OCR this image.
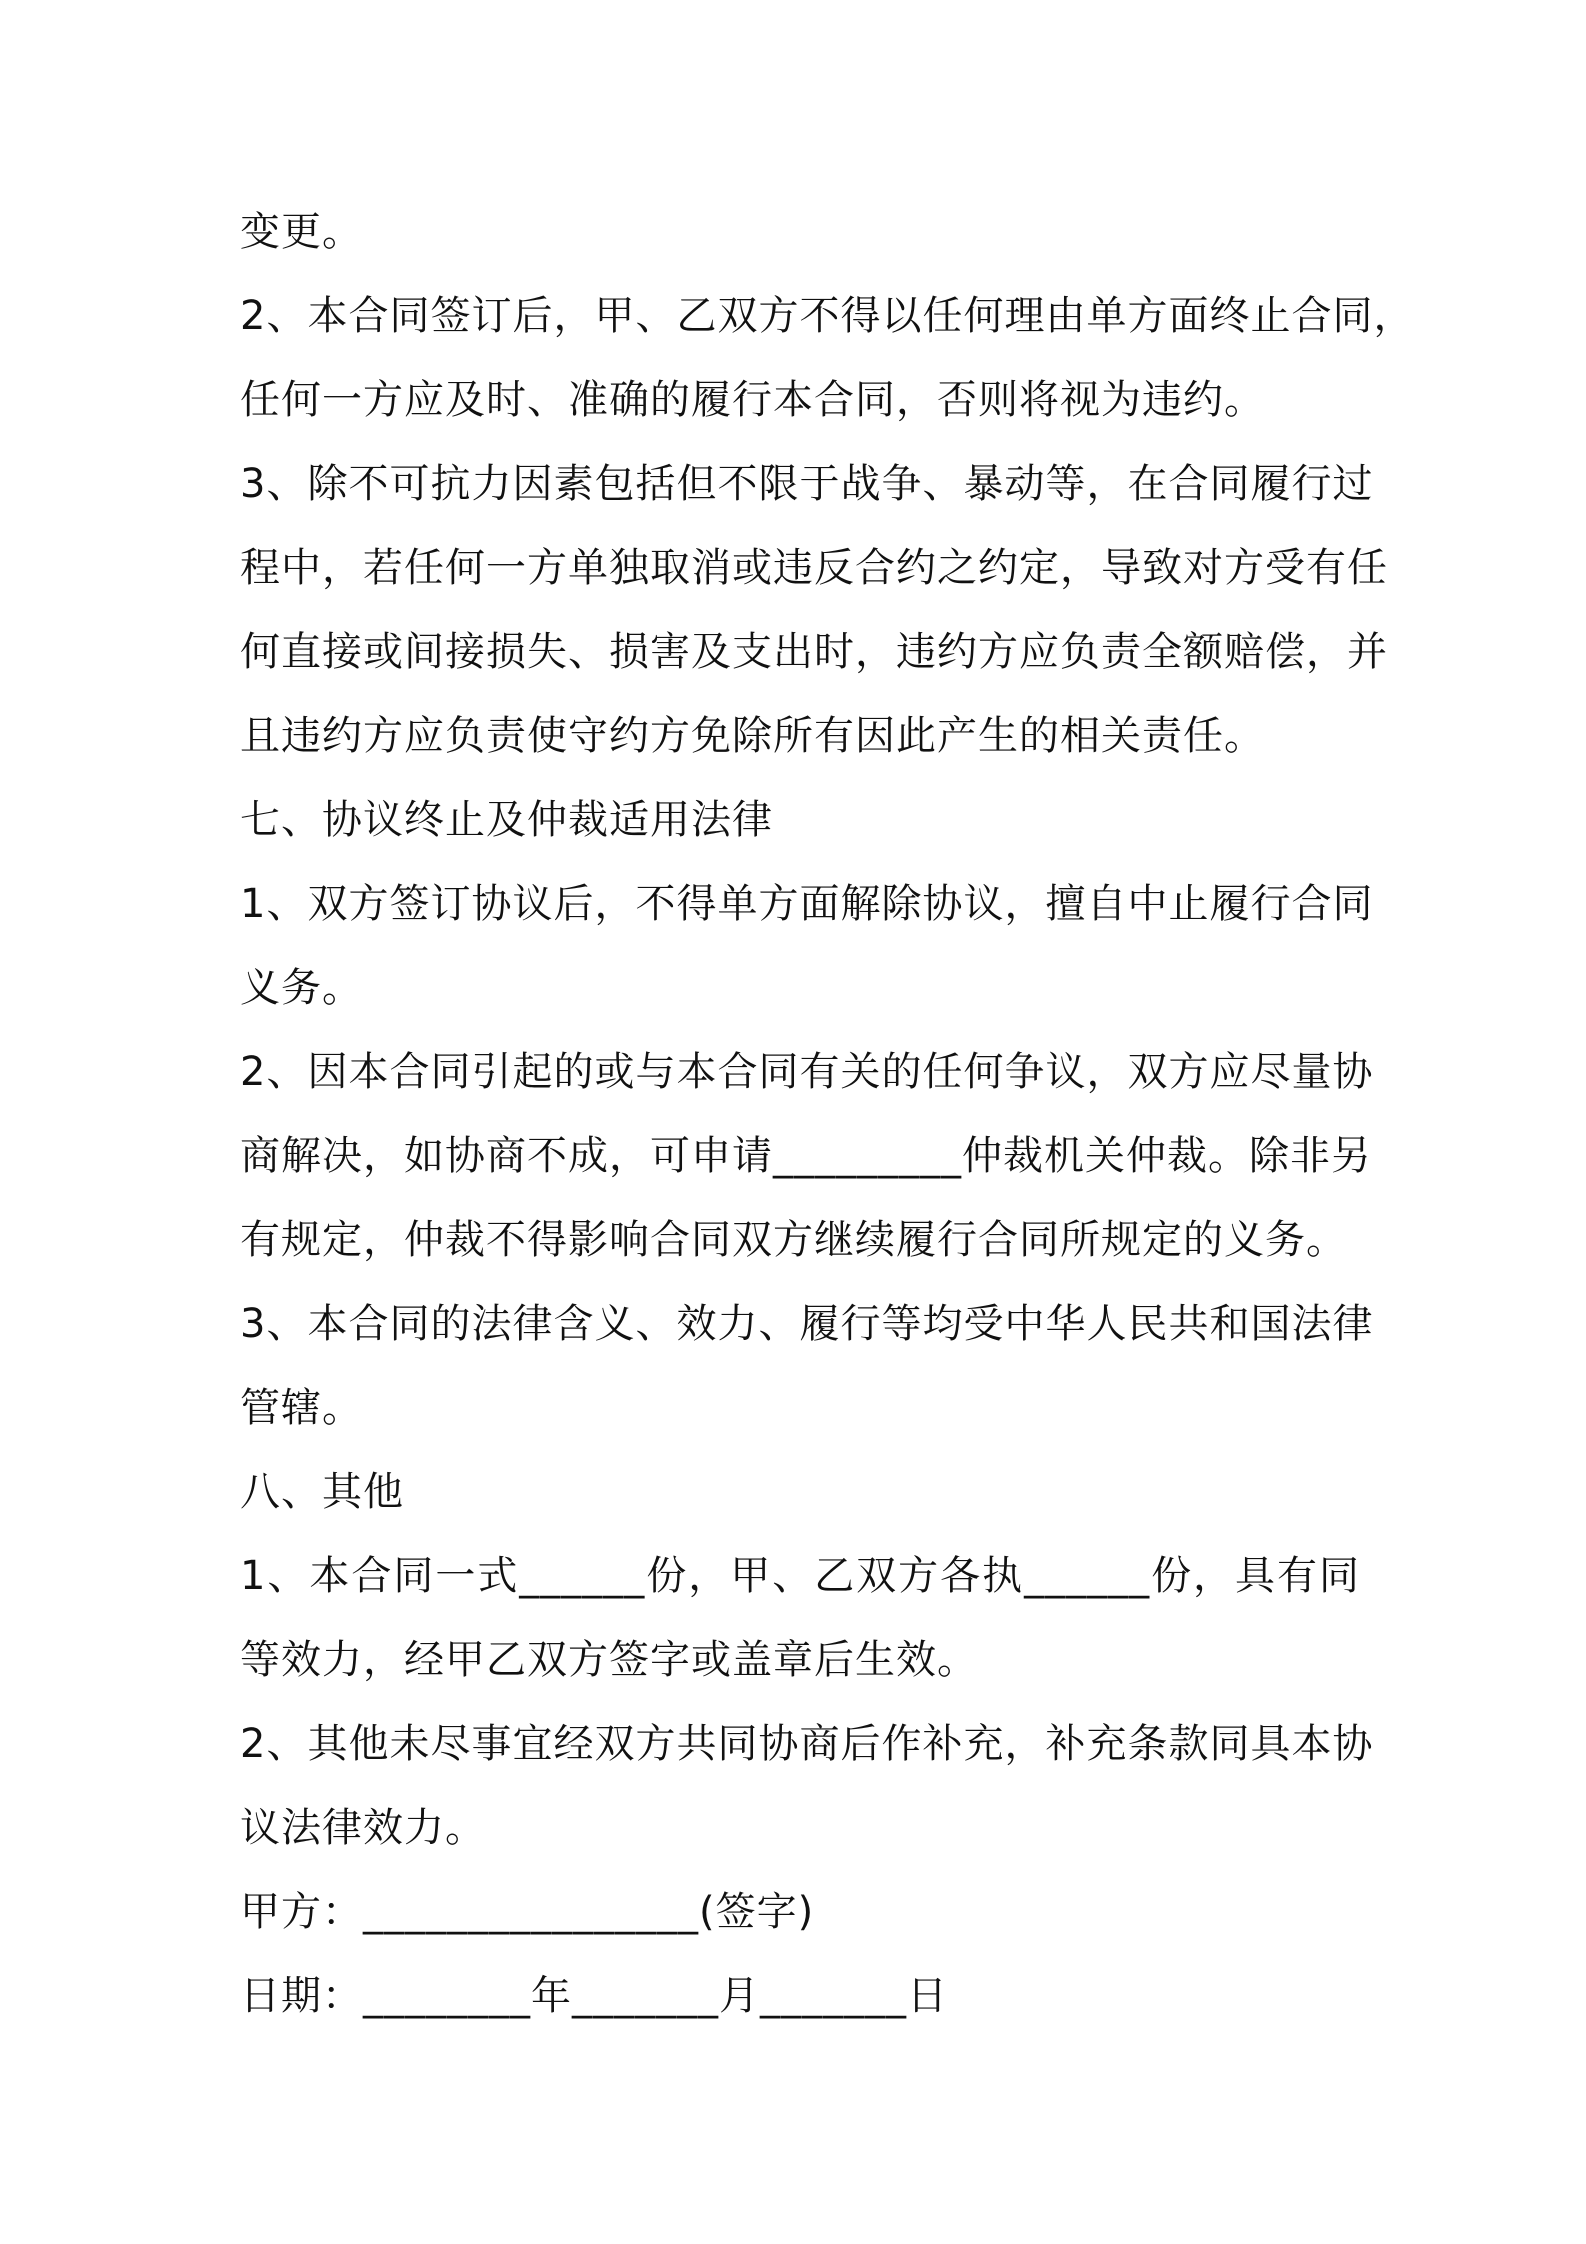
变更。
2、本合同签订后，甲、乙双方不得以任何理由单方面终止合同，
任何一方应及时、准确的履行本合同，否则将视为违约。
3、除不可抗力因素包括但不限于战争、暴动等，在合同履行过
程中，若任何一方单独取消或违反合约之约定，导致对方受有任
何直接或间接损失、损害及支出时，违约方应负责全额赔偿，并
且违约方应负责使守约方免除所有因此产生的相关责任。
七、协议终止及仲裁适用法律
1、双方签订协议后，不得单方面解除协议，擅自中止履行合同
义务。
2、因本合同引起的或与本合同有关的任何争议，双方应尽量协
商解决，如协商不成，可申请_________仲裁机关仲裁。除非另
有规定，仲裁不得影响合同双方继续履行合同所规定的义务。
3、本合同的法律含义、效力、履行等均受中华人民共和国法律
管辖。
八、其他
1、本合同一式______份，甲、乙双方各执______份，具有同
等效力，经甲乙双方签字或盖章后生效。
2、其他未尽事宜经双方共同协商后作补充，补充条款同具本协
议法律效力。
甲方：________________(签字)
日期：________年_______月_______日
